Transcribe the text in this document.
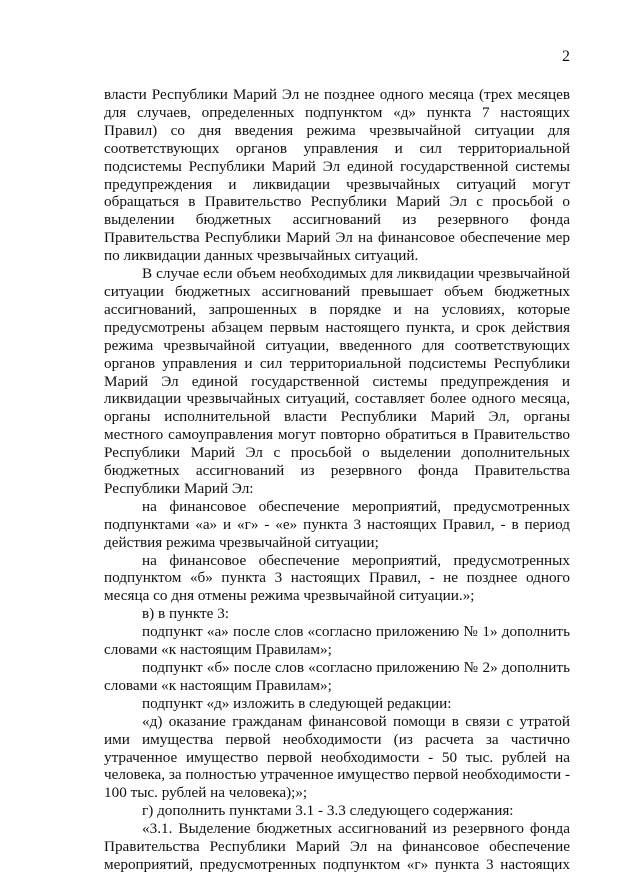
2

власти Республики Марий Эл не позднее одного месяца (трех месяцев для случаев, определенных подпунктом «д» пункта 7 настоящих Правил) со дня введения режима чрезвычайной ситуации для соответствующих органов управления и сил территориальной подсистемы Республики Марий Эл единой государственной системы предупреждения и ликвидации чрезвычайных ситуаций могут обращаться в Правительство Республики Марий Эл с просьбой о выделении бюджетных ассигнований из резервного фонда Правительства Республики Марий Эл на финансовое обеспечение мер по ликвидации данных чрезвычайных ситуаций.

В случае если объем необходимых для ликвидации чрезвычайной ситуации бюджетных ассигнований превышает объем бюджетных ассигнований, запрошенных в порядке и на условиях, которые предусмотрены абзацем первым настоящего пункта, и срок действия режима чрезвычайной ситуации, введенного для соответствующих органов управления и сил территориальной подсистемы Республики Марий Эл единой государственной системы предупреждения и ликвидации чрезвычайных ситуаций, составляет более одного месяца, органы исполнительной власти Республики Марий Эл, органы местного самоуправления могут повторно обратиться в Правительство Республики Марий Эл с просьбой о выделении дополнительных бюджетных ассигнований из резервного фонда Правительства Республики Марий Эл:

на финансовое обеспечение мероприятий, предусмотренных подпунктами «а» и «г» - «е» пункта 3 настоящих Правил, - в период действия режима чрезвычайной ситуации;

на финансовое обеспечение мероприятий, предусмотренных подпунктом «б» пункта 3 настоящих Правил, - не позднее одного месяца со дня отмены режима чрезвычайной ситуации.»;

в) в пункте 3:

подпункт «а» после слов «согласно приложению № 1» дополнить словами «к настоящим Правилам»;

подпункт «б» после слов «согласно приложению № 2» дополнить словами «к настоящим Правилам»;

подпункт «д» изложить в следующей редакции:

«д) оказание гражданам финансовой помощи в связи с утратой ими имущества первой необходимости (из расчета за частично утраченное имущество первой необходимости - 50 тыс. рублей на человека, за полностью утраченное имущество первой необходимости - 100 тыс. рублей на человека);»;

г) дополнить пунктами 3.1 - 3.3 следующего содержания:

«3.1. Выделение бюджетных ассигнований из резервного фонда Правительства Республики Марий Эл на финансовое обеспечение мероприятий, предусмотренных подпунктом «г» пункта 3 настоящих
